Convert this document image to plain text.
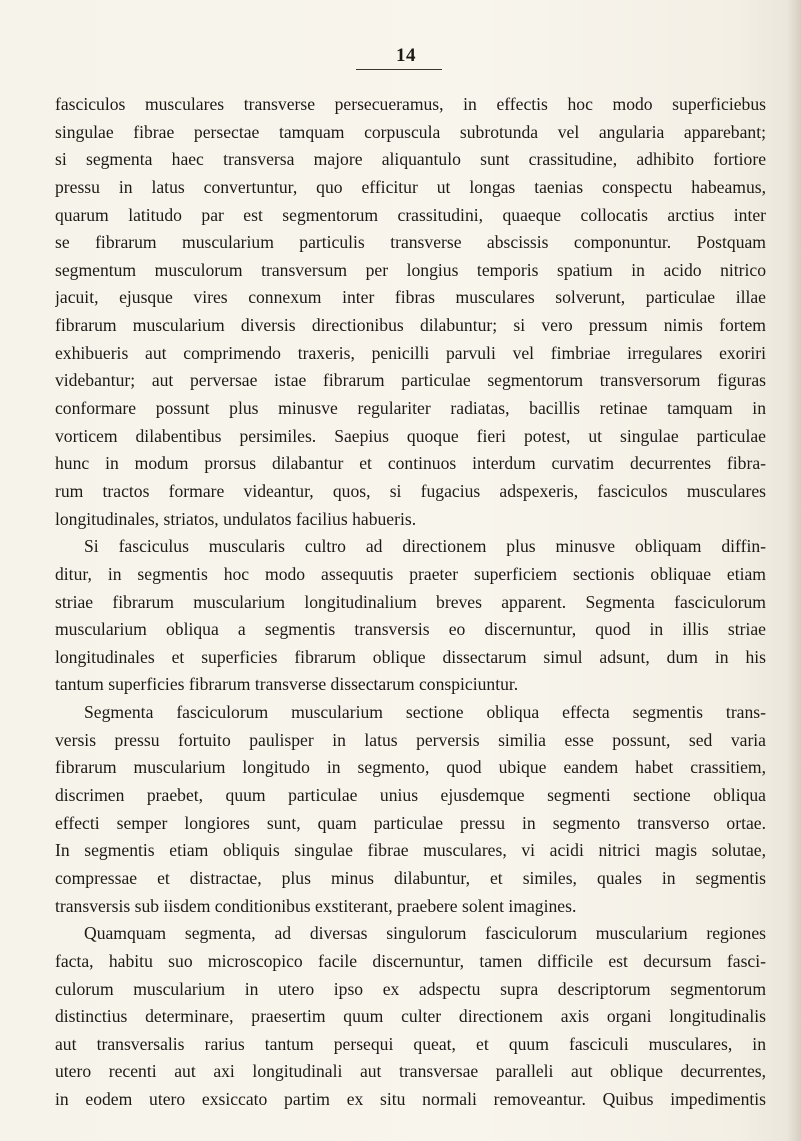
14
fasciculos musculares transverse persecueramus, in effectis hoc modo superficiebus
singulae fibrae persectae tamquam corpuscula subrotunda vel angularia apparebant;
si segmenta haec transversa majore aliquantulo sunt crassitudine, adhibito fortiore
pressu in latus convertuntur, quo efficitur ut longas taenias conspectu habeamus,
quarum latitudo par est segmentorum crassitudini, quaeque collocatis arctius inter
se fibrarum muscularium particulis transverse abscissis componuntur. Postquam
segmentum musculorum transversum per longius temporis spatium in acido nitrico
jacuit, ejusque vires connexum inter fibras musculares solverunt, particulae illae
fibrarum muscularium diversis directionibus dilabuntur; si vero pressum nimis fortem
exhibueris aut comprimendo traxeris, penicilli parvuli vel fimbriae irregulares exoriri
videbantur; aut perversae istae fibrarum particulae segmentorum transversorum figuras
conformare possunt plus minusve regulariter radiatas, bacillis retinae tamquam in
vorticem dilabentibus persimiles. Saepius quoque fieri potest, ut singulae particulae
hunc in modum prorsus dilabantur et continuos interdum curvatim decurrentes fibra-
rum tractos formare videantur, quos, si fugacius adspexeris, fasciculos musculares
longitudinales, striatos, undulatos facilius habueris.
Si fasciculus muscularis cultro ad directionem plus minusve obliquam diffin-
ditur, in segmentis hoc modo assequutis praeter superficiem sectionis obliquae etiam
striae fibrarum muscularium longitudinalium breves apparent. Segmenta fasciculorum
muscularium obliqua a segmentis transversis eo discernuntur, quod in illis striae
longitudinales et superficies fibrarum oblique dissectarum simul adsunt, dum in his
tantum superficies fibrarum transverse dissectarum conspiciuntur.
Segmenta fasciculorum muscularium sectione obliqua effecta segmentis trans-
versis pressu fortuito paulisper in latus perversis similia esse possunt, sed varia
fibrarum muscularium longitudo in segmento, quod ubique eandem habet crassitiem,
discrimen praebet, quum particulae unius ejusdemque segmenti sectione obliqua
effecti semper longiores sunt, quam particulae pressu in segmento transverso ortae.
In segmentis etiam obliquis singulae fibrae musculares, vi acidi nitrici magis solutae,
compressae et distractae, plus minus dilabuntur, et similes, quales in segmentis
transversis sub iisdem conditionibus exstiterant, praebere solent imagines.
Quamquam segmenta, ad diversas singulorum fasciculorum muscularium regiones
facta, habitu suo microscopico facile discernuntur, tamen difficile est decursum fasci-
culorum muscularium in utero ipso ex adspectu supra descriptorum segmentorum
distinctius determinare, praesertim quum culter directionem axis organi longitudinalis
aut transversalis rarius tantum persequi queat, et quum fasciculi musculares, in
utero recenti aut axi longitudinali aut transversae paralleli aut oblique decurrentes,
in eodem utero exsiccato partim ex situ normali removeantur. Quibus impedimentis
